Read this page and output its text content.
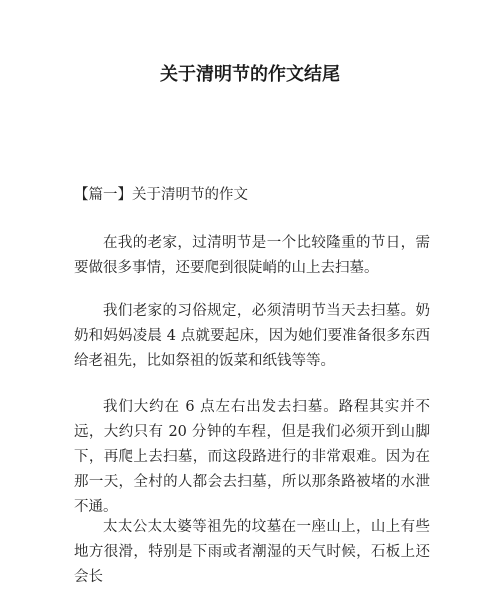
关于清明节的作文结尾
【篇一】关于清明节的作文

在我的老家，过清明节是一个比较隆重的节日，需要做很多事情，还要爬到很陡峭的山上去扫墓。

我们老家的习俗规定，必须清明节当天去扫墓。奶奶和妈妈凌晨 4 点就要起床，因为她们要准备很多东西给老祖先，比如祭祖的饭菜和纸钱等等。

我们大约在 6 点左右出发去扫墓。路程其实并不远，大约只有 20 分钟的车程，但是我们必须开到山脚下，再爬上去扫墓，而这段路进行的非常艰难。因为在那一天，全村的人都会去扫墓，所以那条路被堵的水泄不通。

太太公太太婆等祖先的坟墓在一座山上，山上有些地方很滑，特别是下雨或者潮湿的天气时候，石板上还会长
